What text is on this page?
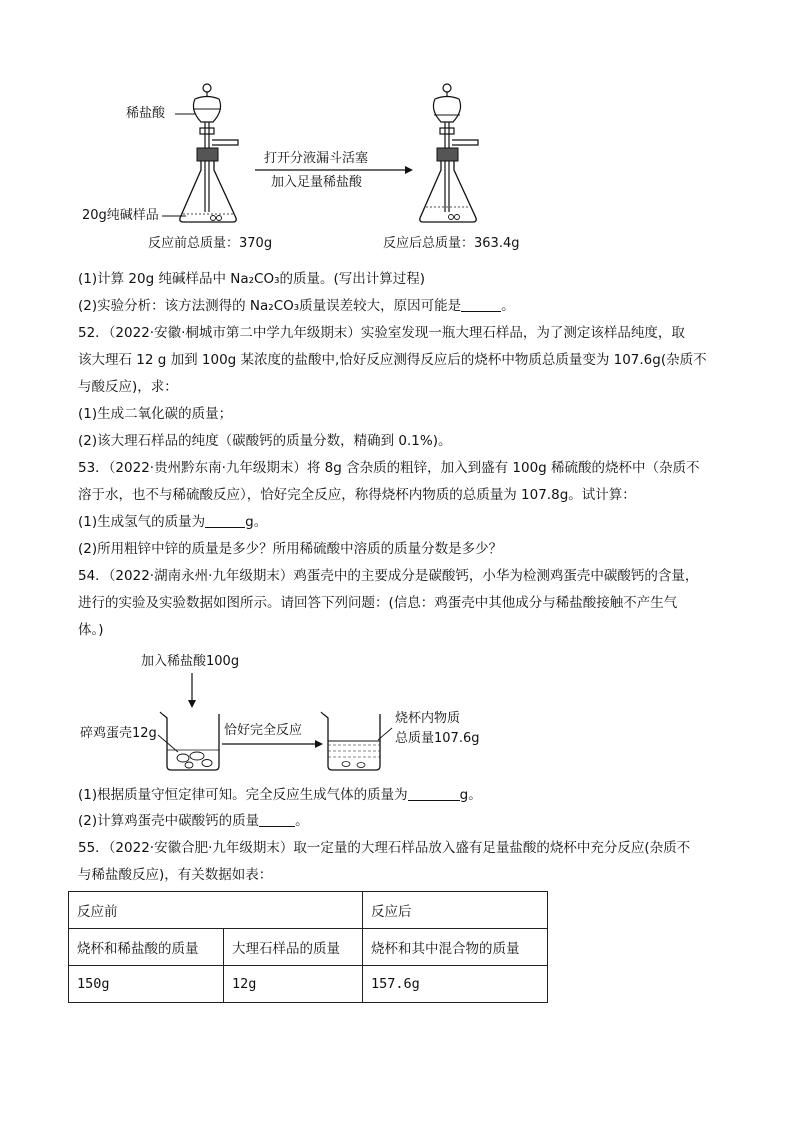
稀盐酸
20g纯碱样品
打开分液漏斗活塞
加入足量稀盐酸
反应前总质量：370g	反应后总质量：363.4g
(1)计算 20g 纯碱样品中 Na₂CO₃的质量。(写出计算过程)
(2)实验分析：该方法测得的 Na₂CO₃质量误差较大，原因可能是	。
52．（2022·安徽·桐城市第二中学九年级期末）实验室发现一瓶大理石样品，为了测定该样品纯度，取
该大理石 12 g 加到 100g 某浓度的盐酸中,恰好反应测得反应后的烧杯中物质总质量变为 107.6g(杂质不
与酸反应)，求：
(1)生成二氧化碳的质量；
(2)该大理石样品的纯度（碳酸钙的质量分数，精确到 0.1%)。
53．（2022·贵州黔东南·九年级期末）将 8g 含杂质的粗锌，加入到盛有 100g 稀硫酸的烧杯中（杂质不
溶于水，也不与稀硫酸反应），恰好完全反应，称得烧杯内物质的总质量为 107.8g。试计算：
(1)生成氢气的质量为	g。
(2)所用粗锌中锌的质量是多少？所用稀硫酸中溶质的质量分数是多少？
54．（2022·湖南永州·九年级期末）鸡蛋壳中的主要成分是碳酸钙，小华为检测鸡蛋壳中碳酸钙的含量，
进行的实验及实验数据如图所示。请回答下列问题：(信息：鸡蛋壳中其他成分与稀盐酸接触不产生气
体。)
加入稀盐酸100g
碎鸡蛋壳12g	恰好完全反应
烧杯内物质
总质量107.6g
(1)根据质量守恒定律可知。完全反应生成气体的质量为	g。
(2)计算鸡蛋壳中碳酸钙的质量	。
55．（2022·安徽合肥·九年级期末）取一定量的大理石样品放入盛有足量盐酸的烧杯中充分反应(杂质不
与稀盐酸反应)，有关数据如表：
反应前		反应后
烧杯和稀盐酸的质量	大理石样品的质量	烧杯和其中混合物的质量
150g	12g	157.6g
